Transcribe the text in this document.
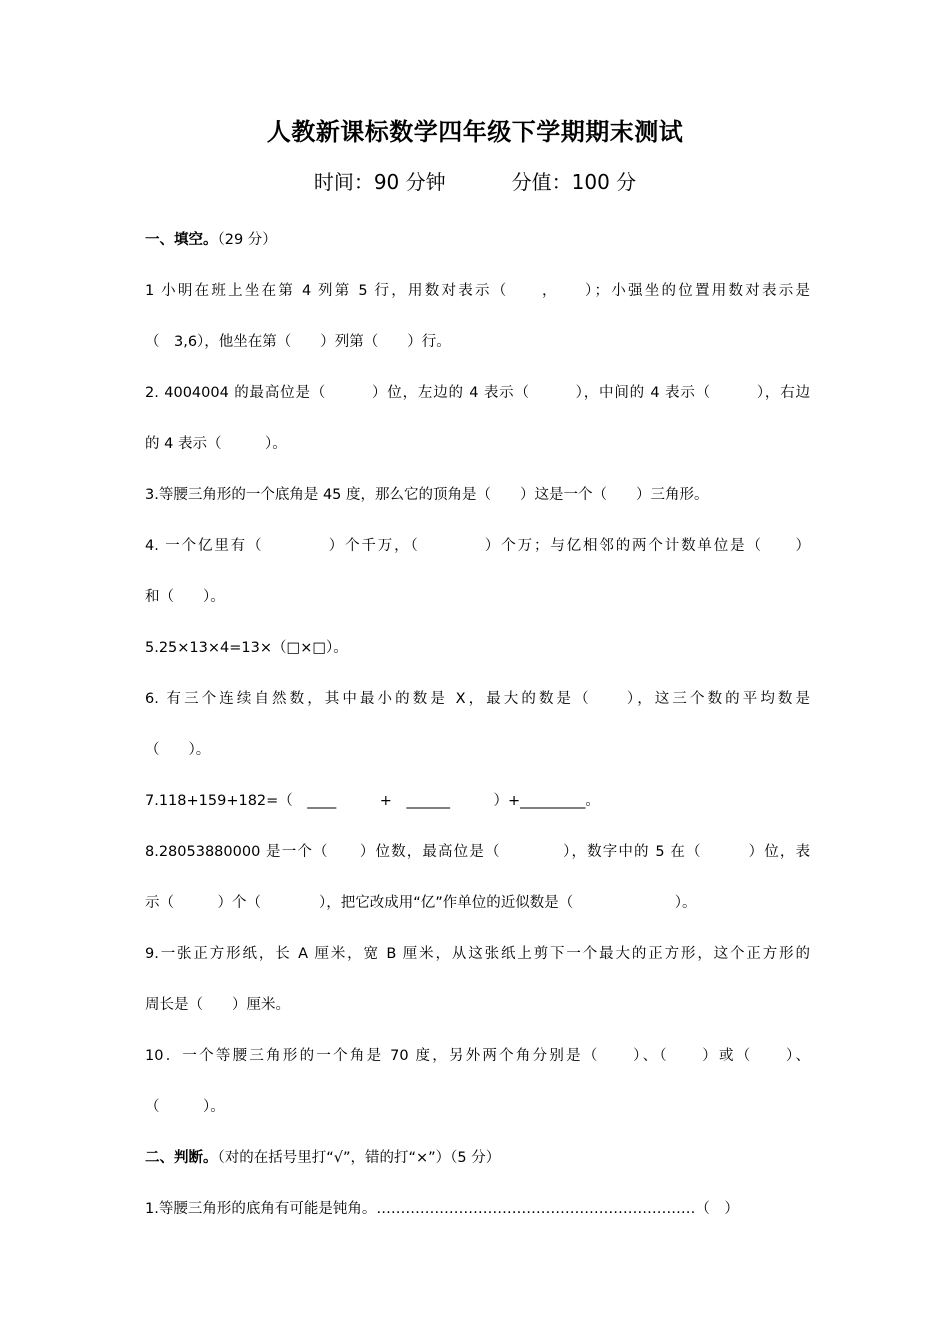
人教新课标数学四年级下学期期末测试
时间：90 分钟	分值：100 分
一、填空。（29 分）
1 小明在班上坐在第 4 列第 5 行，用数对表示（　　，　　）；小强坐的位置用数对表示是
（　3,6），他坐在第（　　）列第（　　）行。
2. 4004004 的最高位是（　　　）位，左边的 4 表示（　　　），中间的 4 表示（　　　），右边
的 4 表示（　　　）。
3.等腰三角形的一个底角是 45 度，那么它的顶角是（　　）这是一个（　　）三角形。
4. 一个亿里有（　　　　）个千万，（　　　　）个万；与亿相邻的两个计数单位是（　　）
和（　　）。
5.25×13×4=13×（□×□）。
6. 有三个连续自然数，其中最小的数是 X，最大的数是（　　），这三个数的平均数是
（　　）。
7.118+159+182=（　____　　　+　______　　　）+_________。
8.28053880000 是一个（　　）位数，最高位是（　　　　），数字中的 5 在（　　　）位，表
示（　　　）个（　　　　），把它改成用“亿”作单位的近似数是（　　　　　　　）。
9.一张正方形纸，长 A 厘米，宽 B 厘米，从这张纸上剪下一个最大的正方形，这个正方形的
周长是（　　）厘米。
10．一个等腰三角形的一个角是 70 度，另外两个角分别是（　　）、（　　）或（　　）、
（　　　）。
二、判断。（对的在括号里打“√”，错的打“×”）（5 分）
1.等腰三角形的底角有可能是钝角。…………………………………………………………（　）
